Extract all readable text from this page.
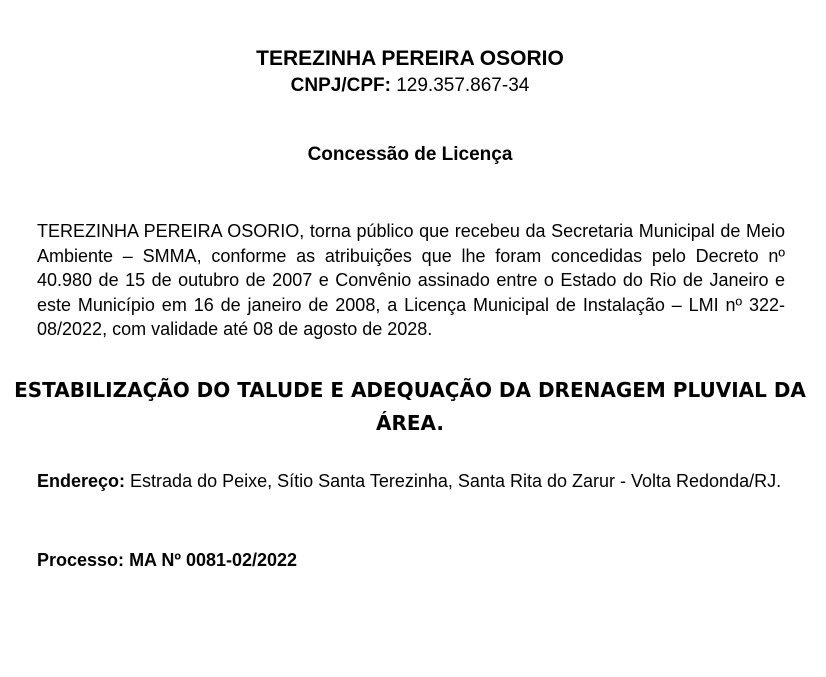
TEREZINHA PEREIRA OSORIO
CNPJ/CPF: 129.357.867-34
Concessão de Licença
TEREZINHA PEREIRA OSORIO, torna público que recebeu da Secretaria Municipal de Meio Ambiente – SMMA, conforme as atribuições que lhe foram concedidas pelo Decreto nº 40.980 de 15 de outubro de 2007 e Convênio assinado entre o Estado do Rio de Janeiro e este Município em 16 de janeiro de 2008, a Licença Municipal de Instalação – LMI nº 322-08/2022, com validade até 08 de agosto de 2028.
ESTABILIZAÇÃO DO TALUDE E ADEQUAÇÃO DA DRENAGEM PLUVIAL DA
ÁREA.
Endereço: Estrada do Peixe, Sítio Santa Terezinha, Santa Rita do Zarur - Volta Redonda/RJ.
Processo: MA Nº 0081-02/2022
